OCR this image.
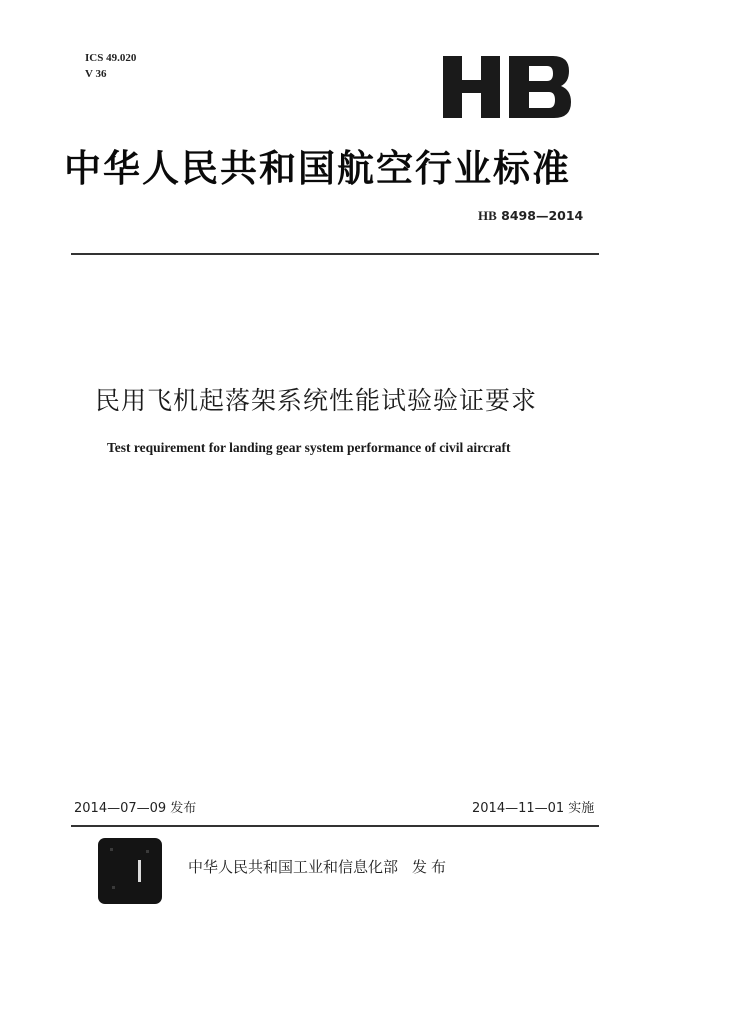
ICS 49.020
V 36
中华人民共和国航空行业标准
HB 8498—2014
民用飞机起落架系统性能试验验证要求
Test requirement for landing gear system performance of civil aircraft
2014—07—09 发布	2014—11—01 实施
中华人民共和国工业和信息化部 发布
